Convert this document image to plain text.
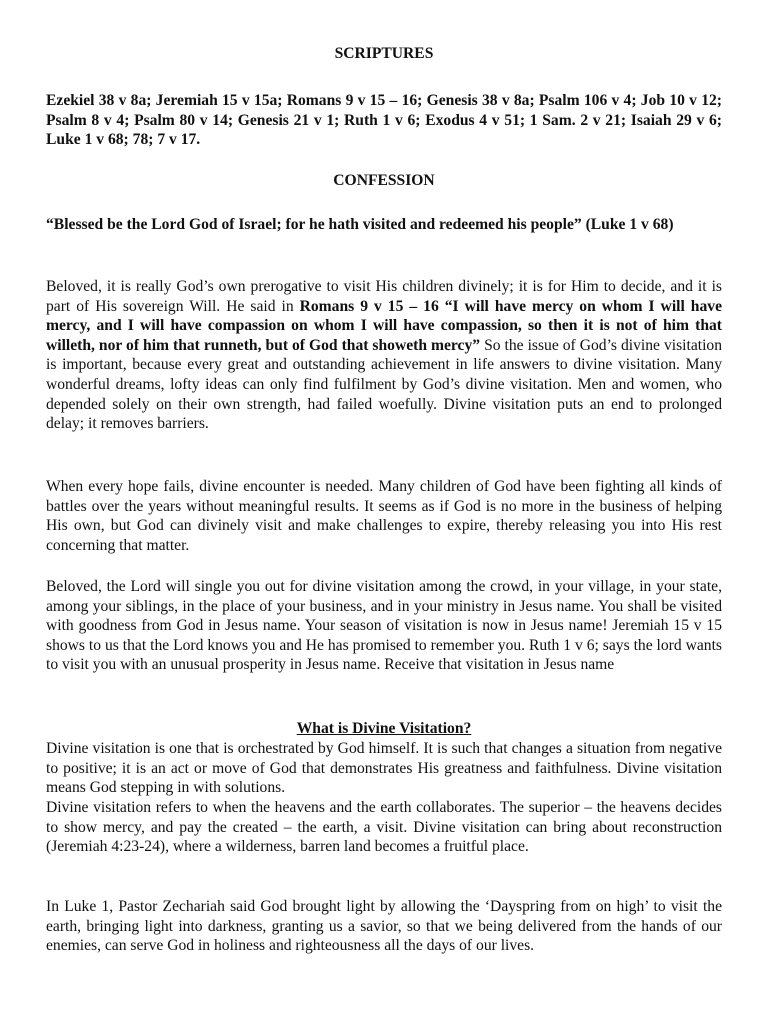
SCRIPTURES
Ezekiel 38 v 8a; Jeremiah 15 v 15a; Romans 9 v 15 – 16; Genesis 38 v 8a; Psalm 106 v 4; Job 10 v 12; Psalm 8 v 4; Psalm 80 v 14; Genesis 21 v 1; Ruth 1 v 6; Exodus 4 v 51; 1 Sam. 2 v 21; Isaiah 29 v 6; Luke 1 v 68; 78; 7 v 17.
CONFESSION
“Blessed be the Lord God of Israel; for he hath visited and redeemed his people” (Luke 1 v 68)
Beloved, it is really God’s own prerogative to visit His children divinely; it is for Him to decide, and it is part of His sovereign Will. He said in Romans 9 v 15 – 16 “I will have mercy on whom I will have mercy, and I will have compassion on whom I will have compassion, so then it is not of him that willeth, nor of him that runneth, but of God that showeth mercy” So the issue of God’s divine visitation is important, because every great and outstanding achievement in life answers to divine visitation. Many wonderful dreams, lofty ideas can only find fulfilment by God’s divine visitation. Men and women, who depended solely on their own strength, had failed woefully. Divine visitation puts an end to prolonged delay; it removes barriers.
When every hope fails, divine encounter is needed. Many children of God have been fighting all kinds of battles over the years without meaningful results. It seems as if God is no more in the business of helping His own, but God can divinely visit and make challenges to expire, thereby releasing you into His rest concerning that matter.
Beloved, the Lord will single you out for divine visitation among the crowd, in your village, in your state, among your siblings, in the place of your business, and in your ministry in Jesus name. You shall be visited with goodness from God in Jesus name. Your season of visitation is now in Jesus name! Jeremiah 15 v 15 shows to us that the Lord knows you and He has promised to remember you. Ruth 1 v 6; says the lord wants to visit you with an unusual prosperity in Jesus name. Receive that visitation in Jesus name
What is Divine Visitation?
Divine visitation is one that is orchestrated by God himself. It is such that changes a situation from negative to positive; it is an act or move of God that demonstrates His greatness and faithfulness. Divine visitation means God stepping in with solutions.
Divine visitation refers to when the heavens and the earth collaborates. The superior – the heavens decides to show mercy, and pay the created – the earth, a visit. Divine visitation can bring about reconstruction (Jeremiah 4:23-24), where a wilderness, barren land becomes a fruitful place.
In Luke 1, Pastor Zechariah said God brought light by allowing the ‘Dayspring from on high’ to visit the earth, bringing light into darkness, granting us a savior, so that we being delivered from the hands of our enemies, can serve God in holiness and righteousness all the days of our lives.
